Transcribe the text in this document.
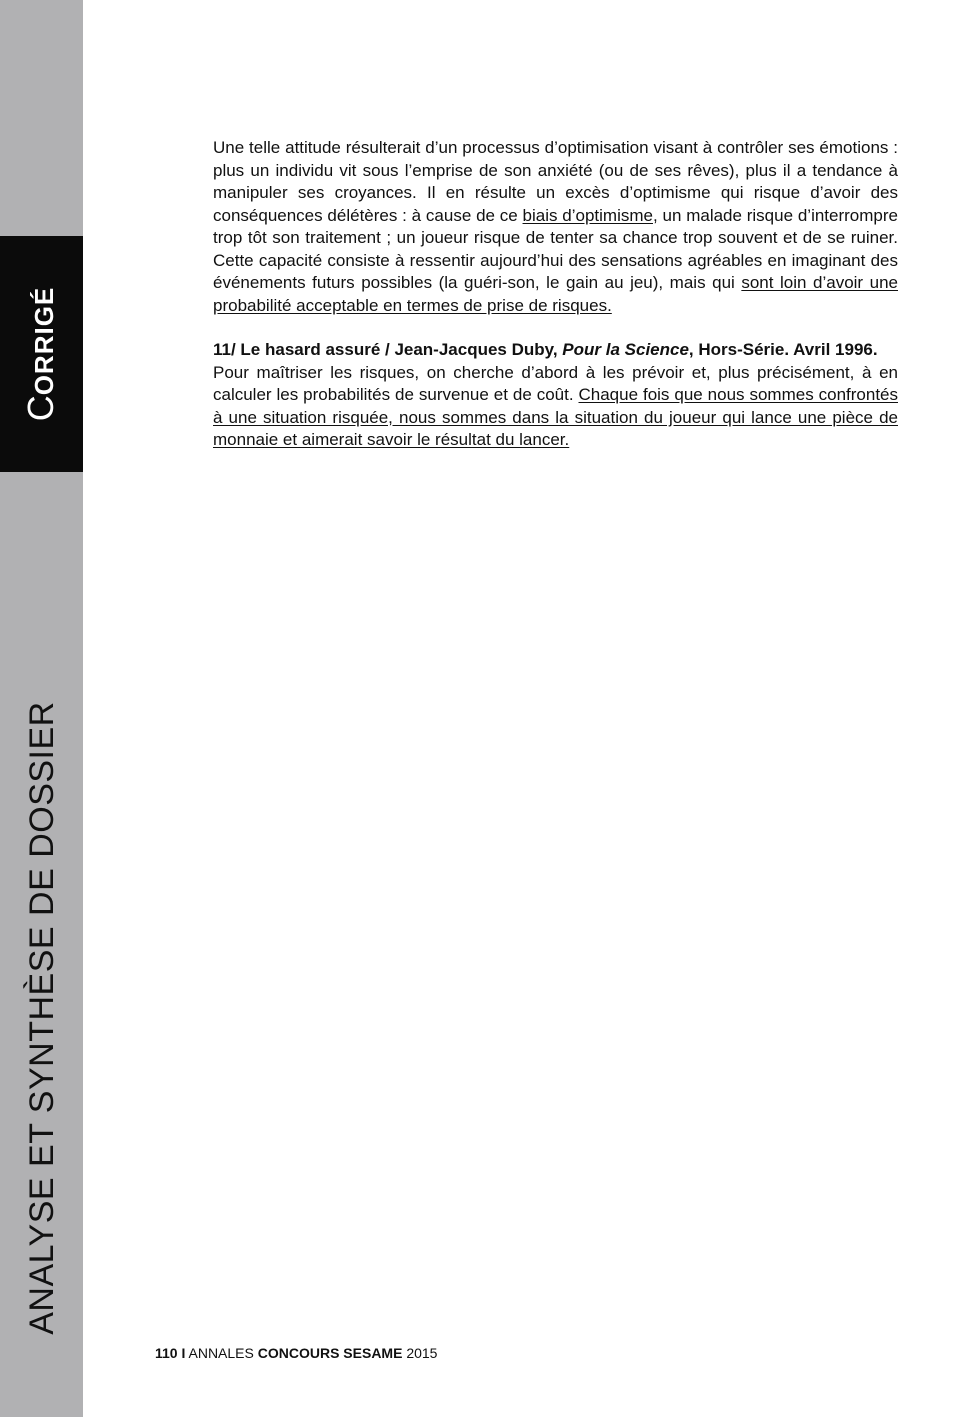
CORRIGÉ
ANALYSE ET SYNTHÈSE DE DOSSIER

Une telle attitude résulterait d’un processus d’optimisation visant à contrôler ses émotions : plus un individu vit sous l’emprise de son anxiété (ou de ses rêves), plus il a tendance à manipuler ses croyances. Il en résulte un excès d’optimisme qui risque d’avoir des conséquences délétères : à cause de ce biais d’optimisme, un malade risque d’interrompre trop tôt son traitement ; un joueur risque de tenter sa chance trop souvent et de se ruiner. Cette capacité consiste à ressentir aujourd’hui des sensations agréables en imaginant des événements futurs possibles (la guéri-son, le gain au jeu), mais qui sont loin d’avoir une probabilité acceptable en termes de prise de risques.

11/ Le hasard assuré / Jean-Jacques Duby, Pour la Science, Hors-Série. Avril 1996.

Pour maîtriser les risques, on cherche d’abord à les prévoir et, plus précisément, à en calculer les probabilités de survenue et de coût. Chaque fois que nous sommes confrontés à une situation risquée, nous sommes dans la situation du joueur qui lance une pièce de monnaie et aimerait savoir le résultat du lancer.

110 I ANNALES CONCOURS SESAME 2015
